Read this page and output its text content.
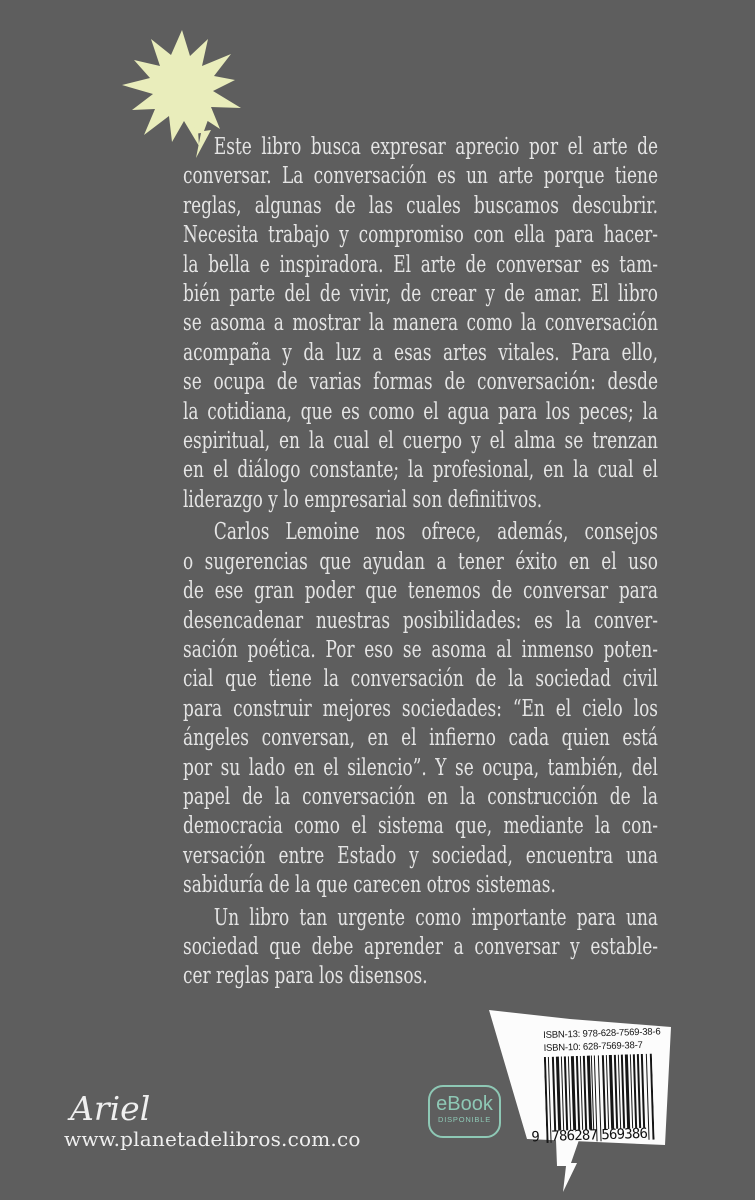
Este libro busca expresar aprecio por el arte de
conversar. La conversación es un arte porque tiene
reglas, algunas de las cuales buscamos descubrir.
Necesita trabajo y compromiso con ella para hacer-
la bella e inspiradora. El arte de conversar es tam-
bién parte del de vivir, de crear y de amar. El libro
se asoma a mostrar la manera como la conversación
acompaña y da luz a esas artes vitales. Para ello,
se ocupa de varias formas de conversación: desde
la cotidiana, que es como el agua para los peces; la
espiritual, en la cual el cuerpo y el alma se trenzan
en el diálogo constante; la profesional, en la cual el
liderazgo y lo empresarial son definitivos.
Carlos Lemoine nos ofrece, además, consejos
o sugerencias que ayudan a tener éxito en el uso
de ese gran poder que tenemos de conversar para
desencadenar nuestras posibilidades: es la conver-
sación poética. Por eso se asoma al inmenso poten-
cial que tiene la conversación de la sociedad civil
para construir mejores sociedades: “En el cielo los
ángeles conversan, en el infierno cada quien está
por su lado en el silencio”. Y se ocupa, también, del
papel de la conversación en la construcción de la
democracia como el sistema que, mediante la con-
versación entre Estado y sociedad, encuentra una
sabiduría de la que carecen otros sistemas.
Un libro tan urgente como importante para una
sociedad que debe aprender a conversar y estable-
cer reglas para los disensos.
Ariel
www.planetadelibros.com.co
eBook
DISPONIBLE
ISBN-13: 978-628-7569-38-6
ISBN-10: 628-7569-38-7
9 786287 569386
